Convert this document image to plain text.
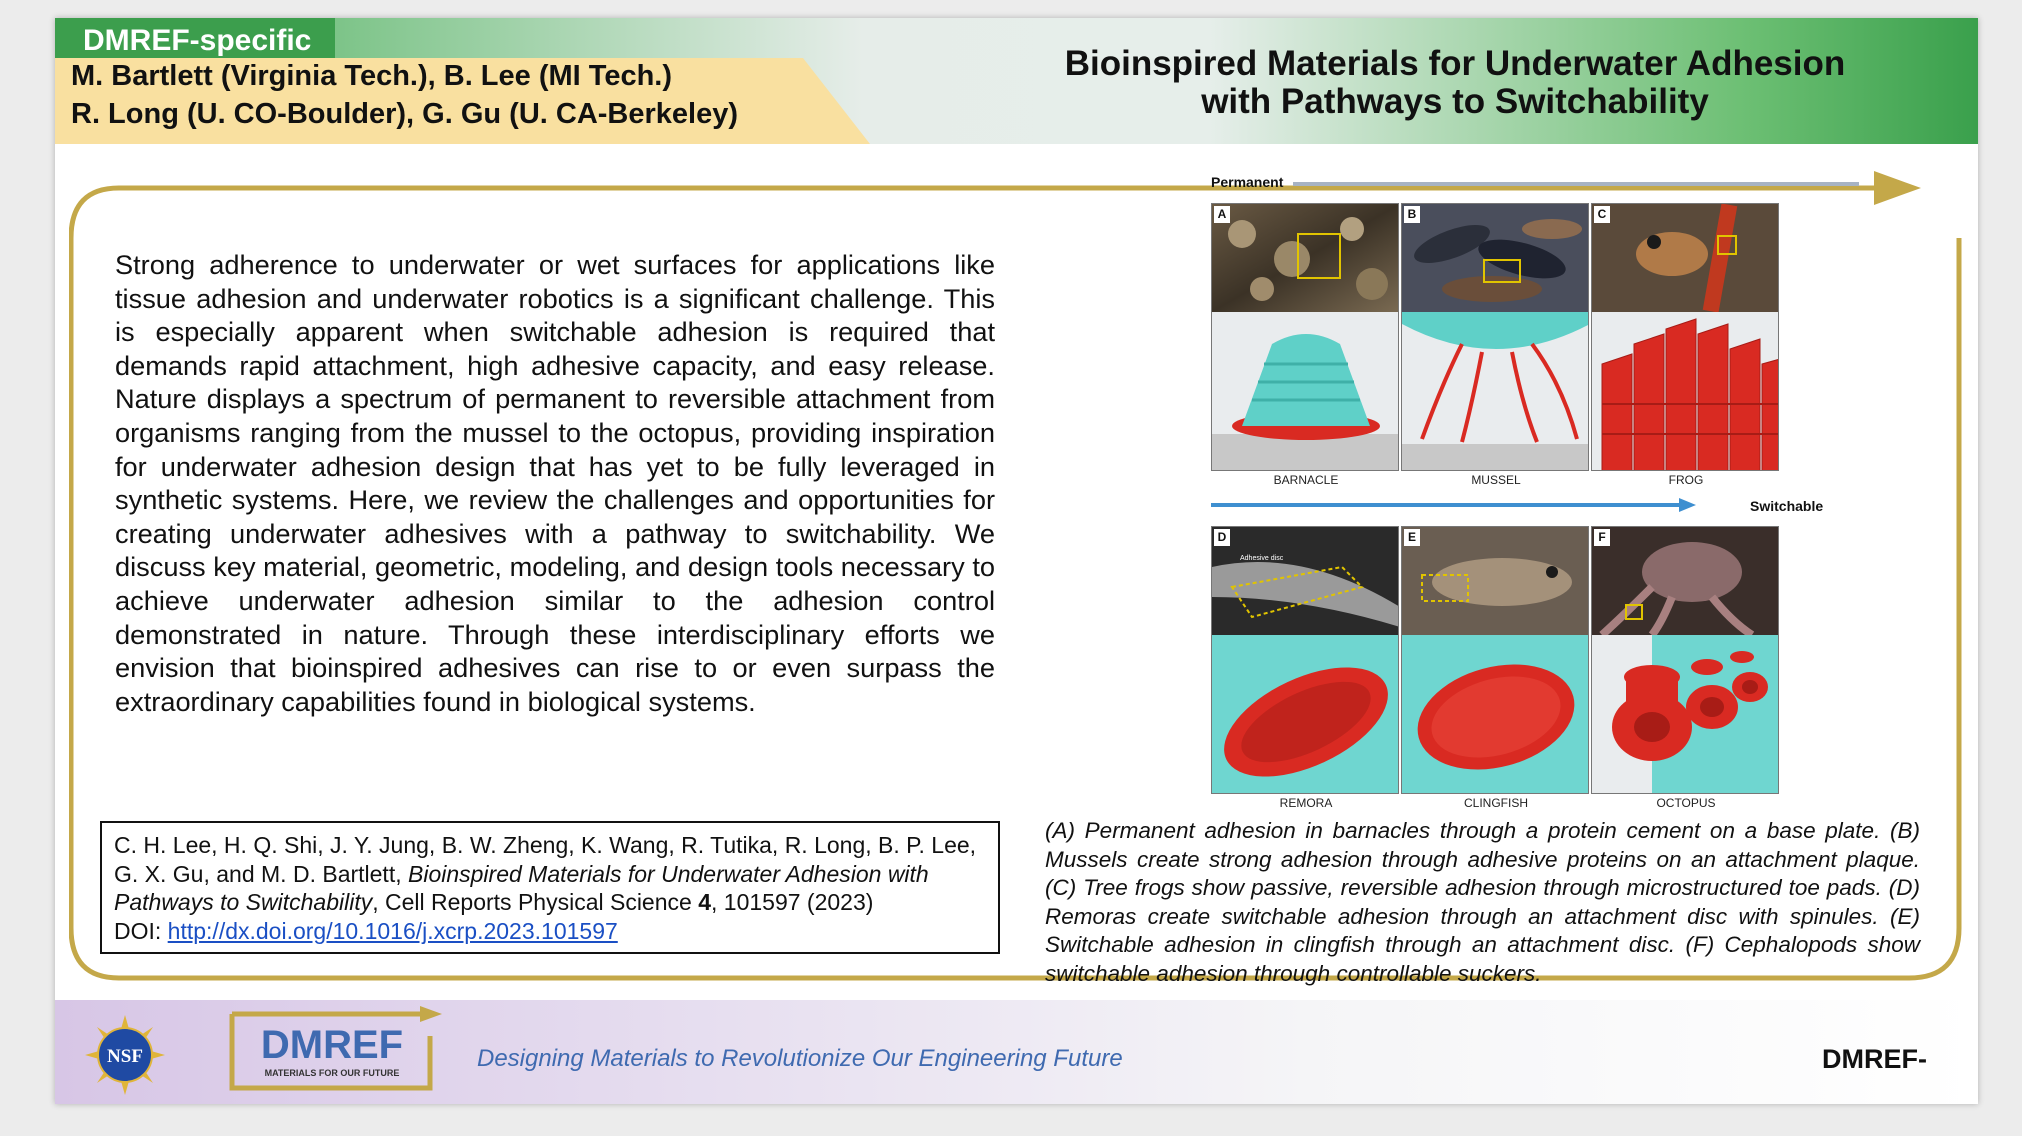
DMREF-specific
M. Bartlett (Virginia Tech.), B. Lee (MI Tech.)
R. Long (U. CO-Boulder), G. Gu (U. CA-Berkeley)
Bioinspired Materials for Underwater Adhesion
with Pathways to Switchability
Strong adherence to underwater or wet surfaces for applications like tissue adhesion and underwater robotics is a significant challenge. This is especially apparent when switchable adhesion is required that demands rapid attachment, high adhesive capacity, and easy release. Nature displays a spectrum of permanent to reversible attachment from organisms ranging from the mussel to the octopus, providing inspiration for underwater adhesion design that has yet to be fully leveraged in synthetic systems. Here, we review the challenges and opportunities for creating underwater adhesives with a pathway to switchability. We discuss key material, geometric, modeling, and design tools necessary to achieve underwater adhesion similar to the adhesion control demonstrated in nature. Through these interdisciplinary efforts we envision that bioinspired adhesives can rise to or even surpass the extraordinary capabilities found in biological systems.
C. H. Lee, H. Q. Shi, J. Y. Jung, B. W. Zheng, K. Wang, R. Tutika, R. Long, B. P. Lee, G. X. Gu, and M. D. Bartlett, Bioinspired Materials for Underwater Adhesion with Pathways to Switchability, Cell Reports Physical Science 4, 101597 (2023)
DOI: http://dx.doi.org/10.1016/j.xcrp.2023.101597
Permanent
A	B	C
BARNACLE	MUSSEL	FROG
Switchable
D
Adhesive disc
E	F
REMORA	CLINGFISH	OCTOPUS
(A) Permanent adhesion in barnacles through a protein cement on a base plate. (B) Mussels create strong adhesion through adhesive proteins on an attachment plaque. (C) Tree frogs show passive, reversible adhesion through microstructured toe pads. (D) Remoras create switchable adhesion through an attachment disc with spinules. (E) Switchable adhesion in clingfish through an attachment disc. (F) Cephalopods show switchable adhesion through controllable suckers.
NSF	DMREF
MATERIALS FOR OUR FUTURE
Designing Materials to Revolutionize Our Engineering Future	DMREF-
